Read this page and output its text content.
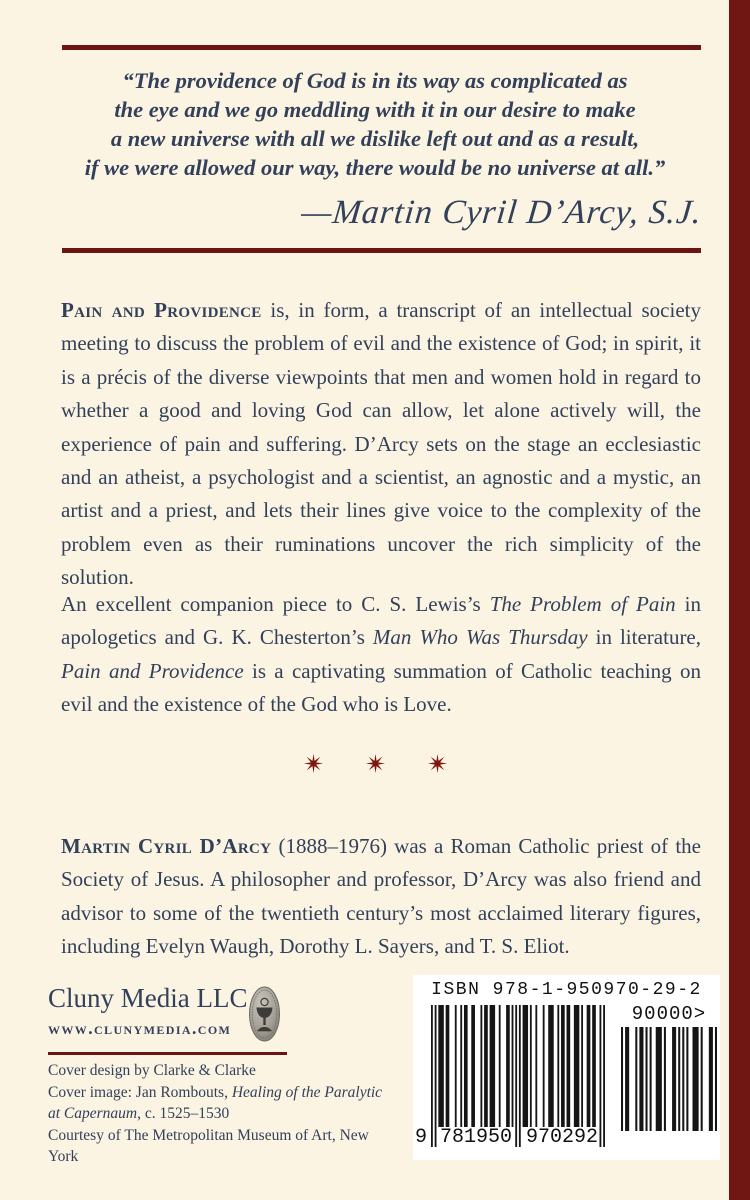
“The providence of God is in its way as complicated as
the eye and we go meddling with it in our desire to make
a new universe with all we dislike left out and as a result,
if we were allowed our way, there would be no universe at all.”
—Martin Cyril D’Arcy, S.J.

Pain and Providence is, in form, a transcript of an intellectual society meeting to discuss the problem of evil and the existence of God; in spirit, it is a précis of the diverse viewpoints that men and women hold in regard to whether a good and loving God can allow, let alone actively will, the experience of pain and suffering. D’Arcy sets on the stage an ecclesiastic and an atheist, a psychologist and a scientist, an agnostic and a mystic, an artist and a priest, and lets their lines give voice to the complexity of the problem even as their ruminations uncover the rich simplicity of the solution.

An excellent companion piece to C. S. Lewis’s The Problem of Pain in apologetics and G. K. Chesterton’s Man Who Was Thursday in literature, Pain and Providence is a captivating summation of Catholic teaching on evil and the existence of the God who is Love.

Martin Cyril D’Arcy (1888–1976) was a Roman Catholic priest of the Society of Jesus. A philosopher and professor, D’Arcy was also friend and advisor to some of the twentieth century’s most acclaimed literary figures, including Evelyn Waugh, Dorothy L. Sayers, and T. S. Eliot.

Cluny Media LLC
www.clunymedia.com
Cover design by Clarke & Clarke
Cover image: Jan Rombouts, Healing of the Paralytic
at Capernaum, c. 1525–1530
Courtesy of The Metropolitan Museum of Art, New York
ISBN 978-1-950970-29-2
90000>
9 781950 970292
